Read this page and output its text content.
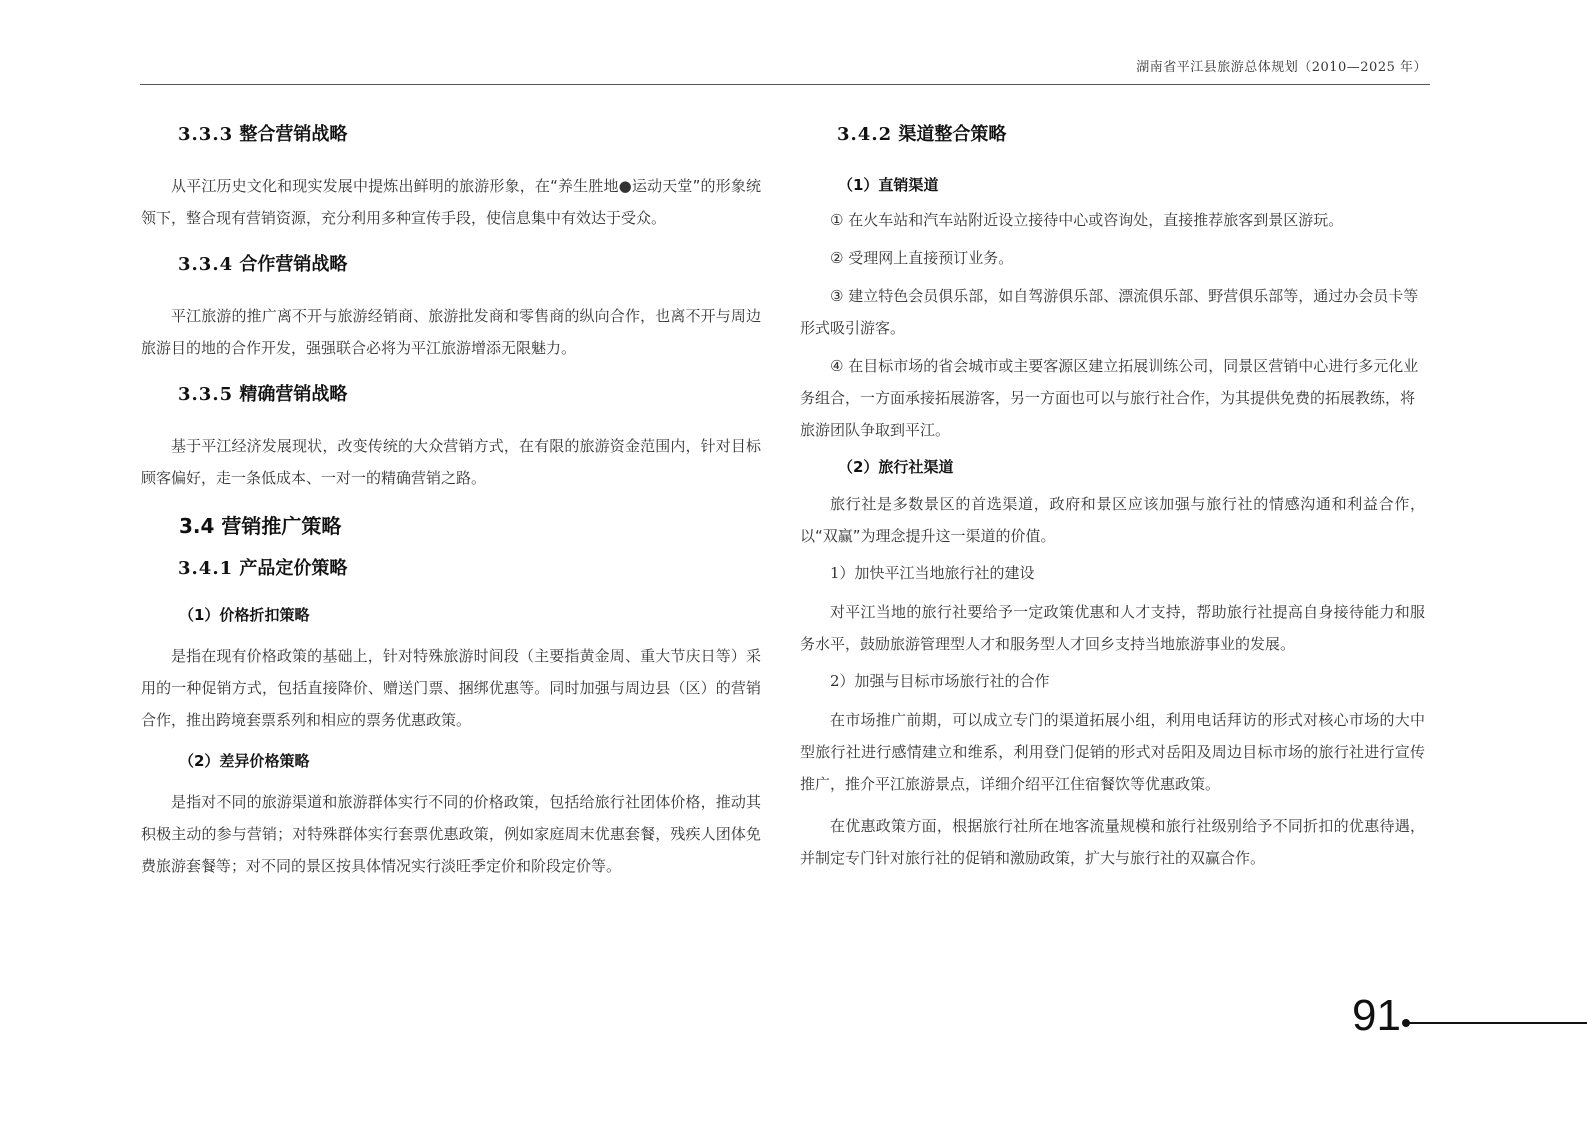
湖南省平江县旅游总体规划（2010—2025 年）
3.3.3 整合营销战略

从平江历史文化和现实发展中提炼出鲜明的旅游形象，在“养生胜地●运动天堂”的形象统领下，整合现有营销资源，充分利用多种宣传手段，使信息集中有效达于受众。

3.3.4 合作营销战略

平江旅游的推广离不开与旅游经销商、旅游批发商和零售商的纵向合作，也离不开与周边旅游目的地的合作开发，强强联合必将为平江旅游增添无限魅力。

3.3.5 精确营销战略

基于平江经济发展现状，改变传统的大众营销方式，在有限的旅游资金范围内，针对目标顾客偏好，走一条低成本、一对一的精确营销之路。

3.4 营销推广策略
3.4.1 产品定价策略
（1）价格折扣策略

是指在现有价格政策的基础上，针对特殊旅游时间段（主要指黄金周、重大节庆日等）采用的一种促销方式，包括直接降价、赠送门票、捆绑优惠等。同时加强与周边县（区）的营销合作，推出跨境套票系列和相应的票务优惠政策。

（2）差异价格策略

是指对不同的旅游渠道和旅游群体实行不同的价格政策，包括给旅行社团体价格，推动其积极主动的参与营销；对特殊群体实行套票优惠政策，例如家庭周末优惠套餐，残疾人团体免费旅游套餐等；对不同的景区按具体情况实行淡旺季定价和阶段定价等。

3.4.2 渠道整合策略
（1）直销渠道

① 在火车站和汽车站附近设立接待中心或咨询处，直接推荐旅客到景区游玩。

② 受理网上直接预订业务。

③ 建立特色会员俱乐部，如自驾游俱乐部、漂流俱乐部、野营俱乐部等，通过办会员卡等形式吸引游客。

④ 在目标市场的省会城市或主要客源区建立拓展训练公司，同景区营销中心进行多元化业务组合，一方面承接拓展游客，另一方面也可以与旅行社合作，为其提供免费的拓展教练，将旅游团队争取到平江。

（2）旅行社渠道

旅行社是多数景区的首选渠道，政府和景区应该加强与旅行社的情感沟通和利益合作，以“双赢”为理念提升这一渠道的价值。

1）加快平江当地旅行社的建设

对平江当地的旅行社要给予一定政策优惠和人才支持，帮助旅行社提高自身接待能力和服务水平，鼓励旅游管理型人才和服务型人才回乡支持当地旅游事业的发展。

2）加强与目标市场旅行社的合作

在市场推广前期，可以成立专门的渠道拓展小组，利用电话拜访的形式对核心市场的大中型旅行社进行感情建立和维系，利用登门促销的形式对岳阳及周边目标市场的旅行社进行宣传推广，推介平江旅游景点，详细介绍平江住宿餐饮等优惠政策。

在优惠政策方面，根据旅行社所在地客流量规模和旅行社级别给予不同折扣的优惠待遇，并制定专门针对旅行社的促销和激励政策，扩大与旅行社的双赢合作。

91
